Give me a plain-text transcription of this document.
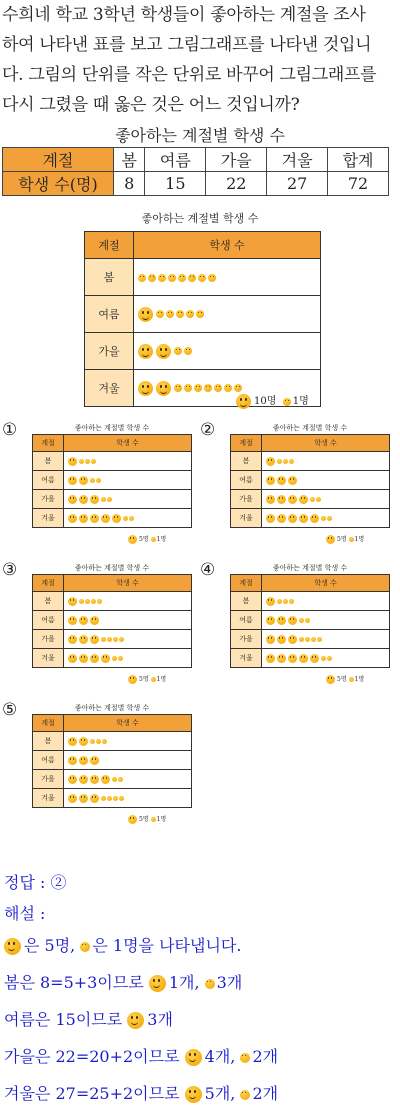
수희네 학교 3학년 학생들이 좋아하는 계절을 조사
하여 나타낸 표를 보고 그림그래프를 나타낸 것입니
다. 그림의 단위를 작은 단위로 바꾸어 그림그래프를
다시 그렸을 때 옳은 것은 어느 것입니까?
좋아하는 계절별 학생 수
계절	봄	여름	가을	겨울	합계
학생 수(명)	8	15	22	27	72
좋아하는 계절별 학생 수
계절	학생 수
봄	
여름	
가을	
겨울	
10명 1명
①	좋아하는 계절별 학생 수
계절	학생 수
봄	
여름	
가을	
겨울	
5명 1명
②	좋아하는 계절별 학생 수
계절	학생 수
봄	
여름	
가을	
겨울	
5명 1명
③	좋아하는 계절별 학생 수
계절	학생 수
봄	
여름	
가을	
겨울	
5명 1명
④	좋아하는 계절별 학생 수
계절	학생 수
봄	
여름	
가을	
겨울	
5명 1명
⑤	좋아하는 계절별 학생 수
계절	학생 수
봄	
여름	
가을	
겨울	
5명 1명
정답 : ②
해설 :
은 5명, 은 1명을 나타냅니다.
봄은 8=5+3이므로 1개, 3개
여름은 15이므로 3개
가을은 22=20+2이므로 4개, 2개
겨울은 27=25+2이므로 5개, 2개
